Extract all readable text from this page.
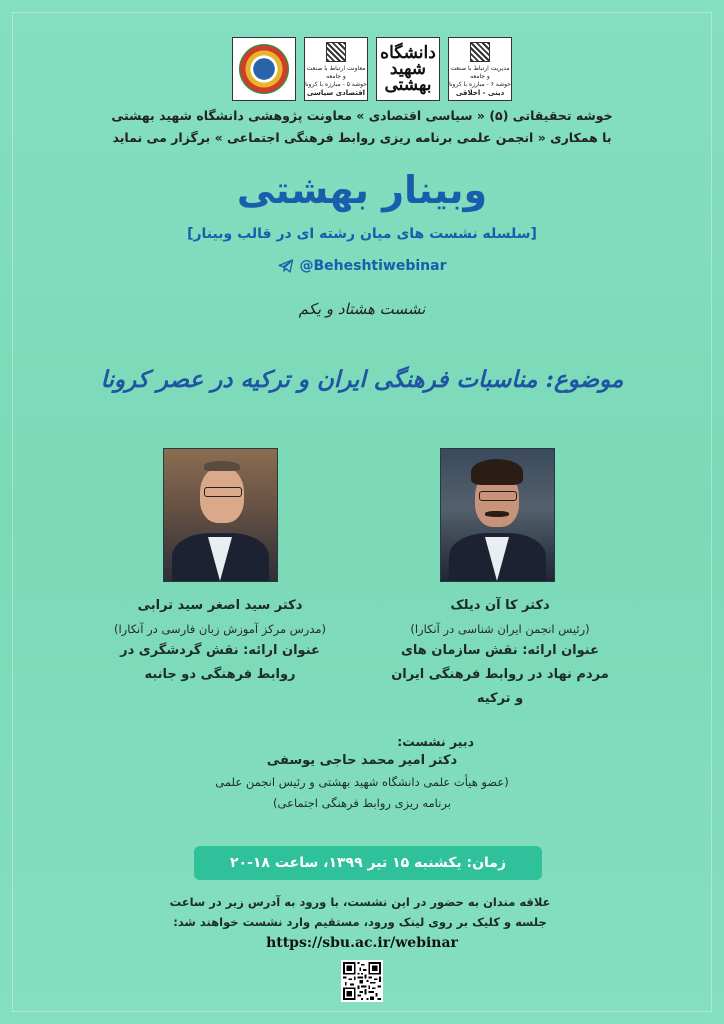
معاونت ارتباط با صنعت و جامعه
خوشه ۵ - مبارزه با کرونا
اقتصادی سیاسی
دانشگاه شهید بهشتی
مدیریت ارتباط با صنعت و جامعه
خوشه ۶ - مبارزه با کرونا
دینی - اخلاقی

خوشه تحقیقاتی (۵) « سیاسی اقتصادی » معاونت پژوهشی دانشگاه شهید بهشتی

با همکاری « انجمن علمی برنامه ریزی روابط فرهنگی اجتماعی » برگزار می نماید

وبینار بهشتی

[سلسله نشست های میان رشته ای در قالب وبینار]

@Beheshtiwebinar

نشست هشتاد و یکم

موضوع: مناسبات فرهنگی ایران و ترکیه در عصر کرونا

دکتر سید اصغر سید ترابی

(مدرس مرکز آموزش زبان فارسی در آنکارا)

عنوان ارائه: نقش گردشگری در روابط فرهنگی دو جانبه

دکتر کا آن دیلک

(رئیس انجمن ایران شناسی در آنکارا)

عنوان ارائه: نقش سازمان های مردم نهاد در روابط فرهنگی ایران و ترکیه

دبیر نشست:

دکتر امیر محمد حاجی یوسفی

(عضو هیأت علمی دانشگاه شهید بهشتی و رئیس انجمن علمی برنامه ریزی روابط فرهنگی اجتماعی)

زمان: یکشنبه ۱۵ تیر ۱۳۹۹، ساعت ۱۸-۲۰

علاقه مندان به حضور در این نشست، با ورود به آدرس زیر در ساعت

جلسه و کلیک بر روی لینک ورود، مستقیم وارد نشست خواهند شد:

https://sbu.ac.ir/webinar
